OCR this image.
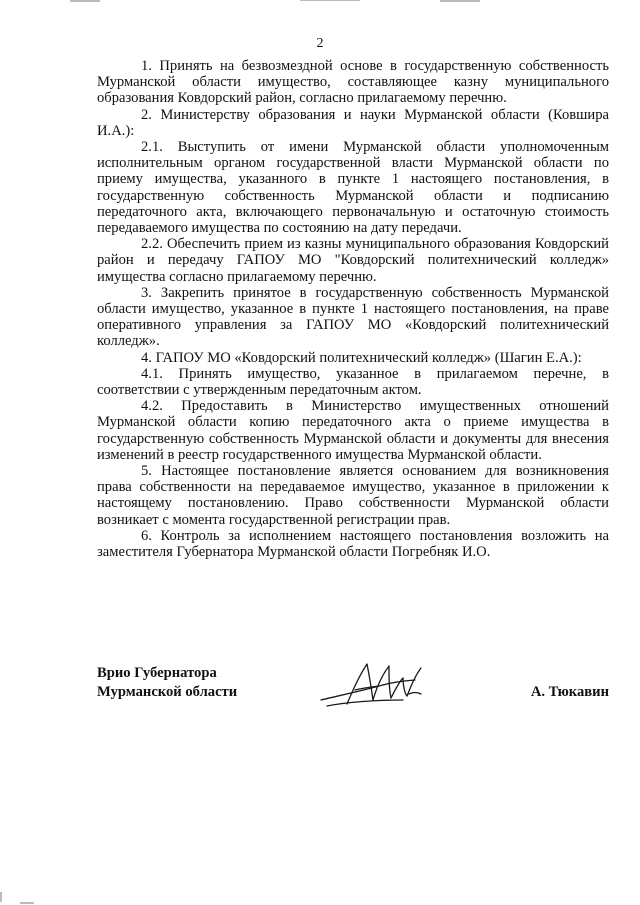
2

1. Принять на безвозмездной основе в государственную собственность Мурманской области имущество, составляющее казну муниципального образования Ковдорский район, согласно прилагаемому перечню.

2. Министерству образования и науки Мурманской области (Ковшира И.А.):

2.1. Выступить от имени Мурманской области уполномоченным исполнительным органом государственной власти Мурманской области по приему имущества, указанного в пункте 1 настоящего постановления, в государственную собственность Мурманской области и подписанию передаточного акта, включающего первоначальную и остаточную стоимость передаваемого имущества по состоянию на дату передачи.

2.2. Обеспечить прием из казны муниципального образования Ковдорский район и передачу ГАПОУ МО "Ковдорский политехнический колледж» имущества согласно прилагаемому перечню.

3. Закрепить принятое в государственную собственность Мурманской области имущество, указанное в пункте 1 настоящего постановления, на праве оперативного управления за ГАПОУ МО «Ковдорский политехнический колледж».

4. ГАПОУ МО «Ковдорский политехнический колледж» (Шагин Е.А.):

4.1. Принять имущество, указанное в прилагаемом перечне, в соответствии с утвержденным передаточным актом.

4.2. Предоставить в Министерство имущественных отношений Мурманской области копию передаточного акта о приеме имущества в государственную собственность Мурманской области и документы для внесения изменений в реестр государственного имущества Мурманской области.

5. Настоящее постановление является основанием для возникновения права собственности на передаваемое имущество, указанное в приложении к настоящему постановлению. Право собственности Мурманской области возникает с момента государственной регистрации прав.

6. Контроль за исполнением настоящего постановления возложить на заместителя Губернатора Мурманской области Погребняк И.О.

Врио Губернатора
Мурманской области	А. Тюкавин
